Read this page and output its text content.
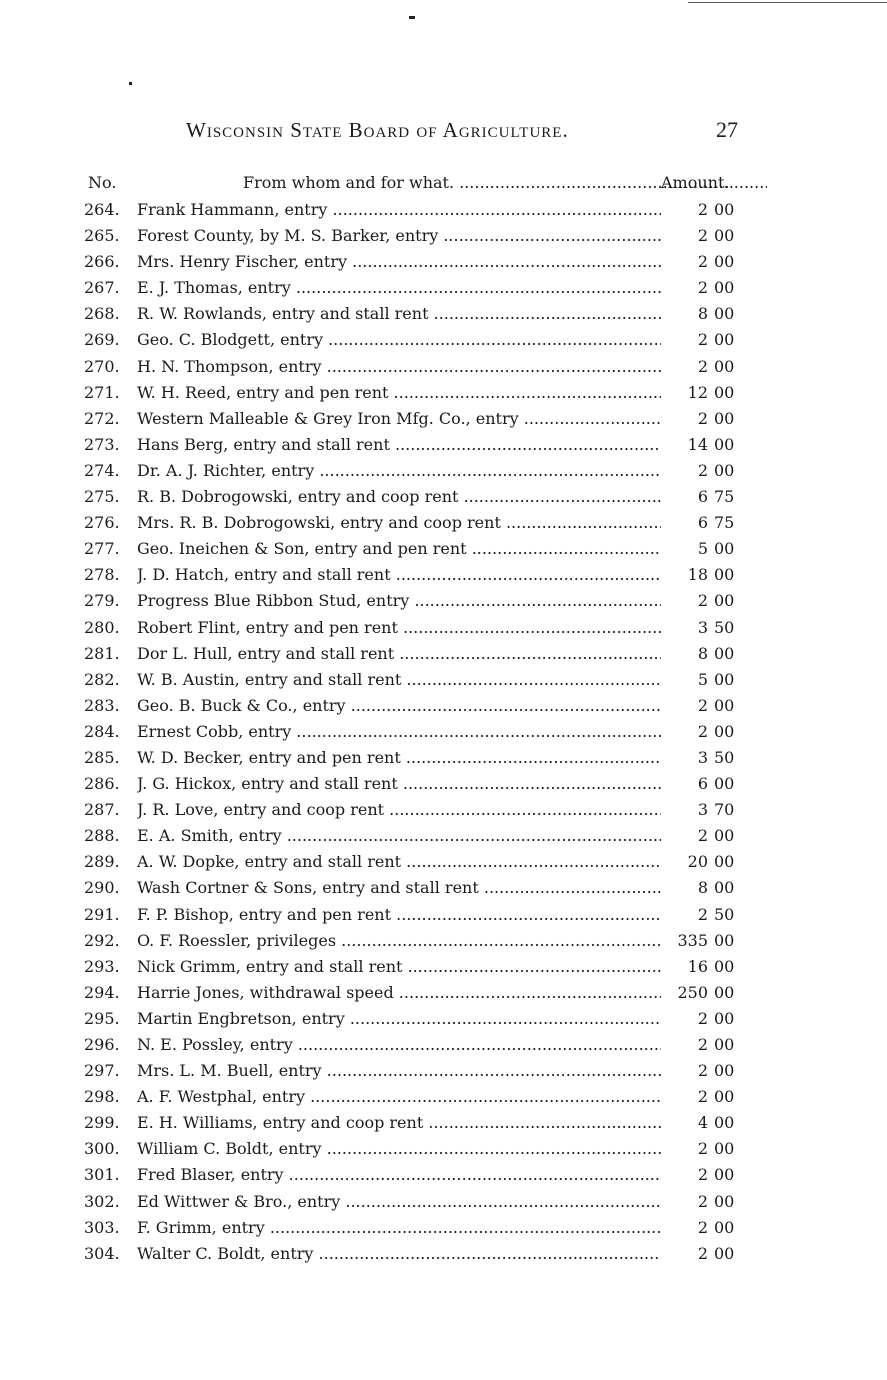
Wisconsin State Board of Agriculture.	27
No.	From whom and for what. .....	Amount.
264. Frank Hammann, entry .....	2 00
265. Forest County, by M. S. Barker, entry .....	2 00
266. Mrs. Henry Fischer, entry .....	2 00
267. E. J. Thomas, entry .....	2 00
268. R. W. Rowlands, entry and stall rent .....	8 00
269. Geo. C. Blodgett, entry .....	2 00
270. H. N. Thompson, entry .....	2 00
271. W. H. Reed, entry and pen rent .....	12 00
272. Western Malleable & Grey Iron Mfg. Co., entry .....	2 00
273. Hans Berg, entry and stall rent .....	14 00
274. Dr. A. J. Richter, entry .....	2 00
275. R. B. Dobrogowski, entry and coop rent .....	6 75
276. Mrs. R. B. Dobrogowski, entry and coop rent .....	6 75
277. Geo. Ineichen & Son, entry and pen rent .....	5 00
278. J. D. Hatch, entry and stall rent .....	18 00
279. Progress Blue Ribbon Stud, entry .....	2 00
280. Robert Flint, entry and pen rent .....	3 50
281. Dor L. Hull, entry and stall rent .....	8 00
282. W. B. Austin, entry and stall rent .....	5 00
283. Geo. B. Buck & Co., entry .....	2 00
284. Ernest Cobb, entry .....	2 00
285. W. D. Becker, entry and pen rent .....	3 50
286. J. G. Hickox, entry and stall rent .....	6 00
287. J. R. Love, entry and coop rent .....	3 70
288. E. A. Smith, entry .....	2 00
289. A. W. Dopke, entry and stall rent .....	20 00
290. Wash Cortner & Sons, entry and stall rent .....	8 00
291. F. P. Bishop, entry and pen rent .....	2 50
292. O. F. Roessler, privileges .....	335 00
293. Nick Grimm, entry and stall rent .....	16 00
294. Harrie Jones, withdrawal speed .....	250 00
295. Martin Engbretson, entry .....	2 00
296. N. E. Possley, entry .....	2 00
297. Mrs. L. M. Buell, entry .....	2 00
298. A. F. Westphal, entry .....	2 00
299. E. H. Williams, entry and coop rent .....	4 00
300. William C. Boldt, entry .....	2 00
301. Fred Blaser, entry .....	2 00
302. Ed Wittwer & Bro., entry .....	2 00
303. F. Grimm, entry .....	2 00
304. Walter C. Boldt, entry .....	2 00
